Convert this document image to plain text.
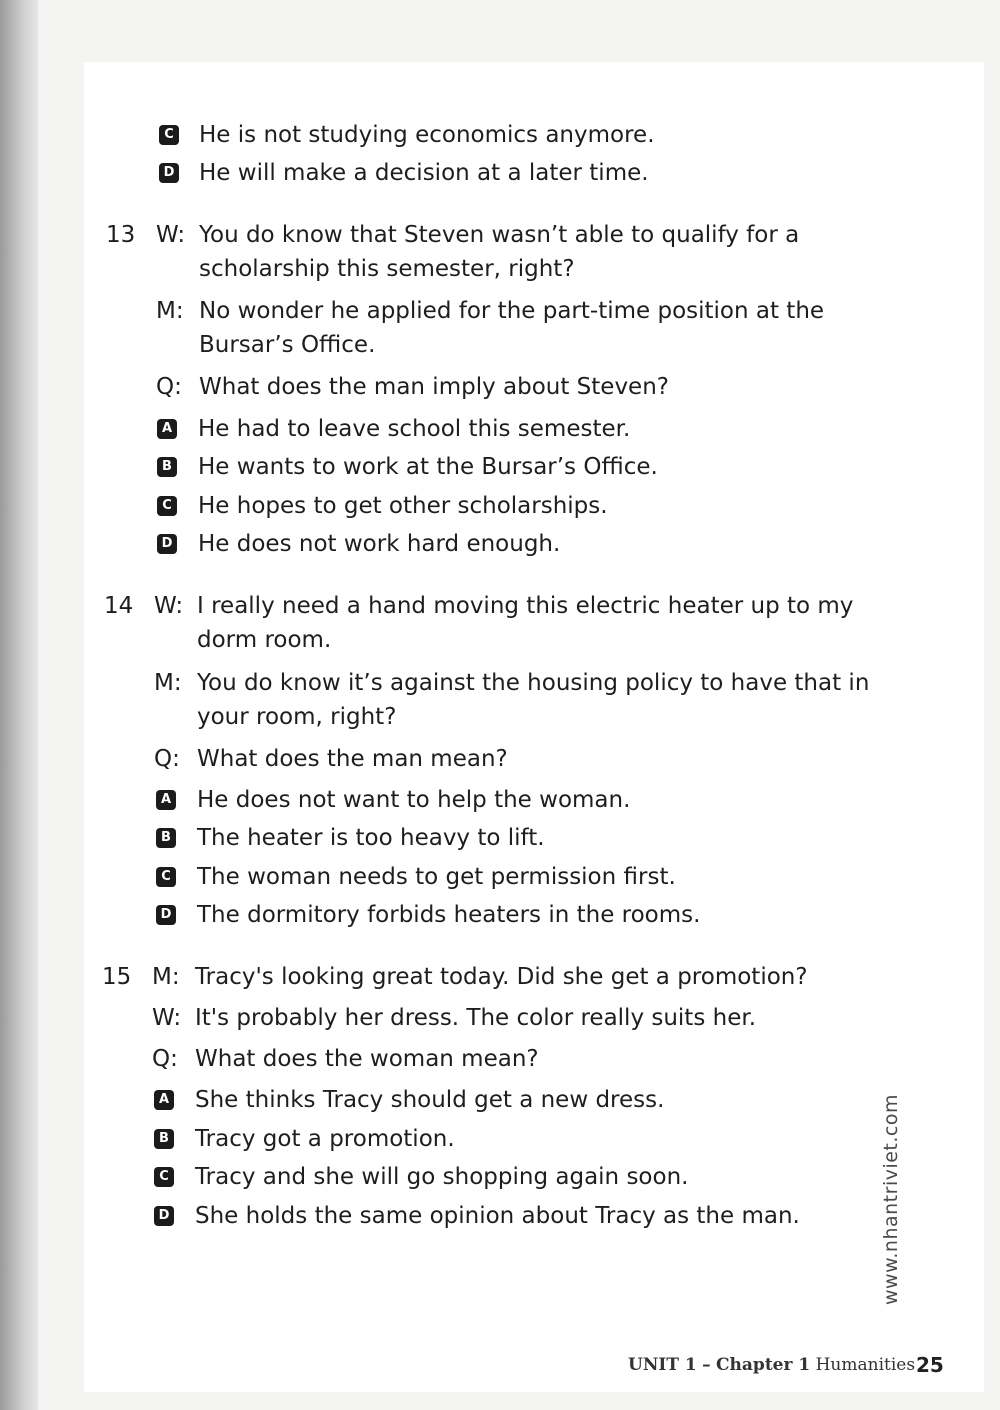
C He is not studying economics anymore.
D He will make a decision at a later time.
13 W: You do know that Steven wasn’t able to qualify for a
scholarship this semester, right?
M: No wonder he applied for the part-time position at the
Bursar’s Office.
Q: What does the man imply about Steven?
A He had to leave school this semester.
B He wants to work at the Bursar’s Office.
C He hopes to get other scholarships.
D He does not work hard enough.
14 W: I really need a hand moving this electric heater up to my
dorm room.
M: You do know it’s against the housing policy to have that in
your room, right?
Q: What does the man mean?
A He does not want to help the woman.
B The heater is too heavy to lift.
C The woman needs to get permission first.
D The dormitory forbids heaters in the rooms.
15 M: Tracy's looking great today. Did she get a promotion?
W: It's probably her dress. The color really suits her.
Q: What does the woman mean?
A She thinks Tracy should get a new dress.
B Tracy got a promotion.
C Tracy and she will go shopping again soon.
D She holds the same opinion about Tracy as the man.	www.nhantriviet.com
UNIT 1 – Chapter 1 Humanities 25
